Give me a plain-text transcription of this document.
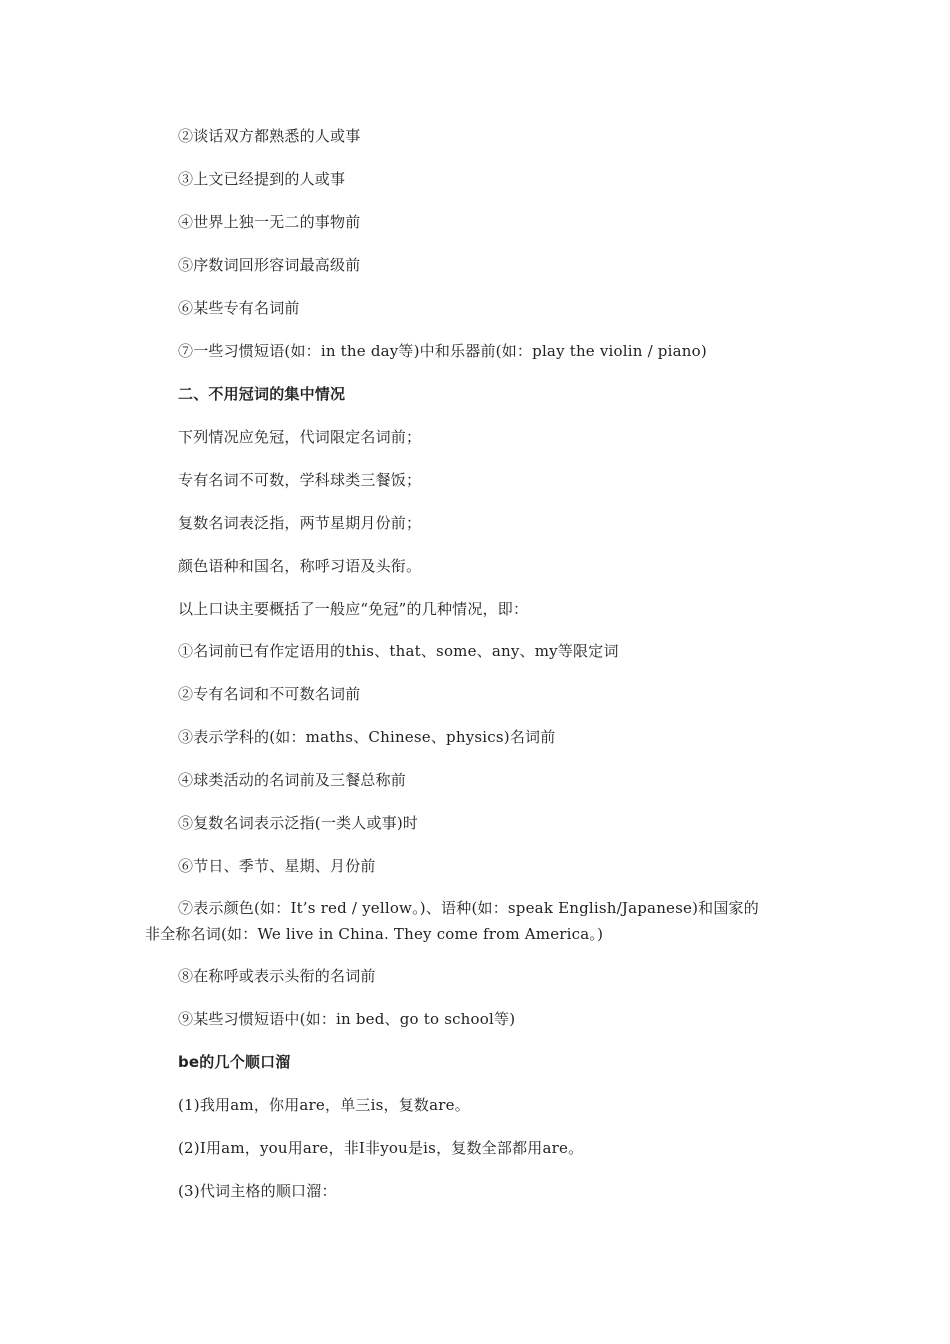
②谈话双方都熟悉的人或事
③上文已经提到的人或事
④世界上独一无二的事物前
⑤序数词回形容词最高级前
⑥某些专有名词前
⑦一些习惯短语(如：in the day等)中和乐器前(如：play the violin / piano)
二、不用冠词的集中情况
下列情况应免冠，代词限定名词前；
专有名词不可数，学科球类三餐饭；
复数名词表泛指，两节星期月份前；
颜色语种和国名，称呼习语及头衔。
以上口诀主要概括了一般应“免冠”的几种情况，即：
①名词前已有作定语用的this、that、some、any、my等限定词
②专有名词和不可数名词前
③表示学科的(如：maths、Chinese、physics)名词前
④球类活动的名词前及三餐总称前
⑤复数名词表示泛指(一类人或事)时
⑥节日、季节、星期、月份前
⑦表示颜色(如：It’s red / yellow。)、语种(如：speak English/Japanese)和国家的
非全称名词(如：We live in China. They come from America。)
⑧在称呼或表示头衔的名词前
⑨某些习惯短语中(如：in bed、go to school等)
be的几个顺口溜
(1)我用am，你用are，单三is，复数are。
(2)I用am，you用are，非I非you是is，复数全部都用are。
(3)代词主格的顺口溜：
